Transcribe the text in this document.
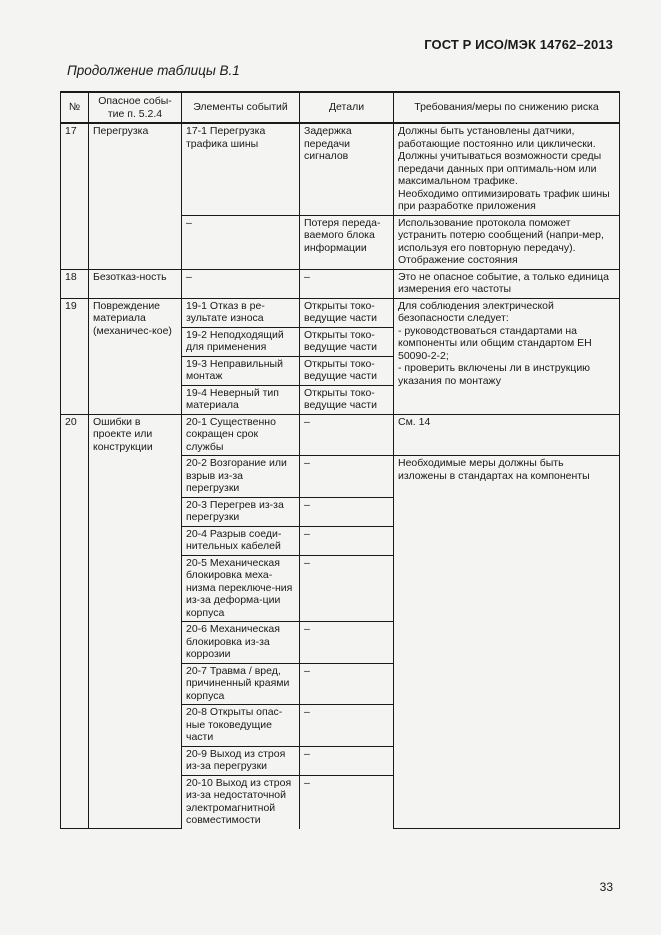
ГОСТ Р ИСО/МЭК 14762–2013
Продолжение таблицы В.1
№	Опасное собы-тие п. 5.2.4	Элементы событий	Детали	Требования/меры по снижению риска
17	Перегрузка	17-1 Перегрузка трафика шины	Задержка передачи сигналов	Должны быть установлены датчики, работающие постоянно или циклически.
Должны учитываться возможности среды передачи данных при оптималь-ном или максимальном трафике.
Необходимо оптимизировать трафик шины при разработке приложения

		–	Потеря переда-ваемого блока информации	Использование протокола поможет устранить потерю сообщений (напри-мер, используя его повторную передачу).
Отображение состояния

18	Безотказ-ность	–	–	Это не опасное событие, а только единица измерения его частоты
19	Повреждение материала (механичес-кое)	19-1 Отказ в ре-зультате износа	Открыты токо-ведущие части	Для соблюдения электрической безопасности следует:
- руководствоваться стандартами на компоненты или общим стандартом ЕН 50090-2-2;
- проверить включены ли в инструкцию указания по монтажу

		19-2 Неподходящий для применения	Открыты токо-ведущие части	
		19-3 Неправильный монтаж	Открыты токо-ведущие части	
		19-4 Неверный тип материала	Открыты токо-ведущие части	
20	Ошибки в проекте или конструкции	20-1 Существенно сокращен срок службы	–	См. 14
		20-2 Возгорание или взрыв из-за перегрузки	–	Необходимые меры должны быть изложены в стандартах на компоненты
		20-3 Перегрев из-за перегрузки	–	
		20-4 Разрыв соеди-нительных кабелей	–	
		20-5 Механическая блокировка меха-низма переключе-ния из-за деформа-ции корпуса	–	
		20-6 Механическая блокировка из-за коррозии	–	
		20-7 Травма / вред, причиненный краями корпуса	–	
		20-8 Открыты опас-ные токоведущие части	–	
		20-9 Выход из строя из-за перегрузки	–	
		20-10 Выход из строя из-за недостаточной электромагнитной совместимости	–	
33
